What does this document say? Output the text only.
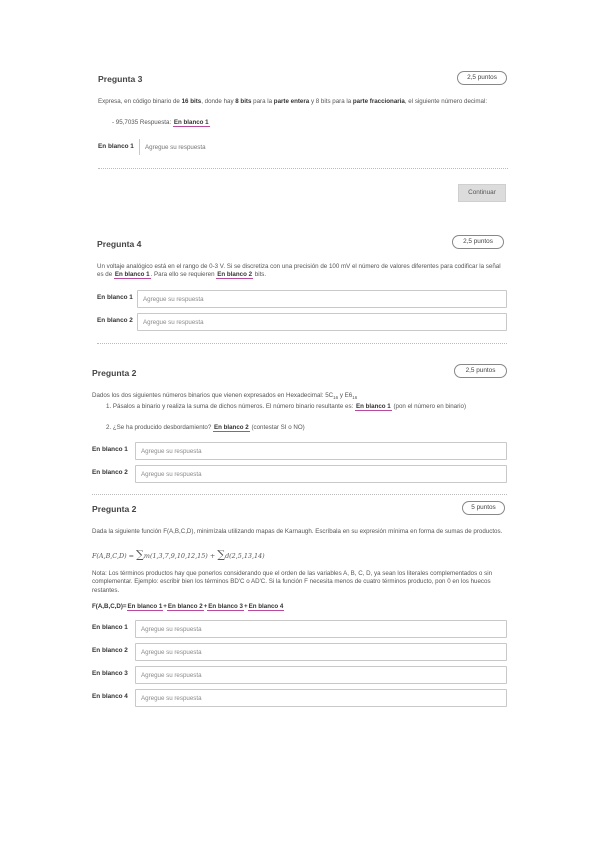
Pregunta 3	2,5 puntos
Expresa, en código binario de 16 bits, donde hay 8 bits para la parte entera y 8 bits para la parte fraccionaria, el siguiente número decimal:
- 95,7035 Respuesta: En blanco 1
En blanco 1
Agregue su respuesta
Continuar
Pregunta 4	2,5 puntos
Un voltaje analógico está en el rango de 0-3 V. Si se discretiza con una precisión de 100 mV el número de valores diferentes para codificar la señal es de En blanco 1. Para ello se requieren En blanco 2 bits.
En blanco 1
Agregue su respuesta
En blanco 2
Agregue su respuesta
Pregunta 2	2,5 puntos
Dados los dos siguientes números binarios que vienen expresados en Hexadecimal: $5C_{16}$ y $E6_{16}$
1. Pásalos a binario y realiza la suma de dichos números. El número binario resultante es: En blanco 1 (pon el número en binario)
2. ¿Se ha producido desbordamiento? En blanco 2 (contestar SI o NO)
En blanco 1
Agregue su respuesta
En blanco 2
Agregue su respuesta
Pregunta 2	5 puntos
Dada la siguiente función F(A,B,C,D), minimízala utilizando mapas de Karnaugh. Escríbala en su expresión mínima en forma de sumas de productos.
F(A,B,C,D) = ∑m(1,3,7,9,10,12,15) + ∑d(2,5,13,14)
Nota: Los términos productos hay que ponerlos considerando que el orden de las variables A, B, C, D, ya sean los literales complementados o sin complementar. Ejemplo: escribir bien los términos BD'C o AD'C. Si la función F necesita menos de cuatro términos producto, pon 0 en los huecos restantes.
F(A,B,C,D)=En blanco 1+En blanco 2+En blanco 3+En blanco 4
En blanco 1
Agregue su respuesta
En blanco 2
Agregue su respuesta
En blanco 3
Agregue su respuesta
En blanco 4
Agregue su respuesta
